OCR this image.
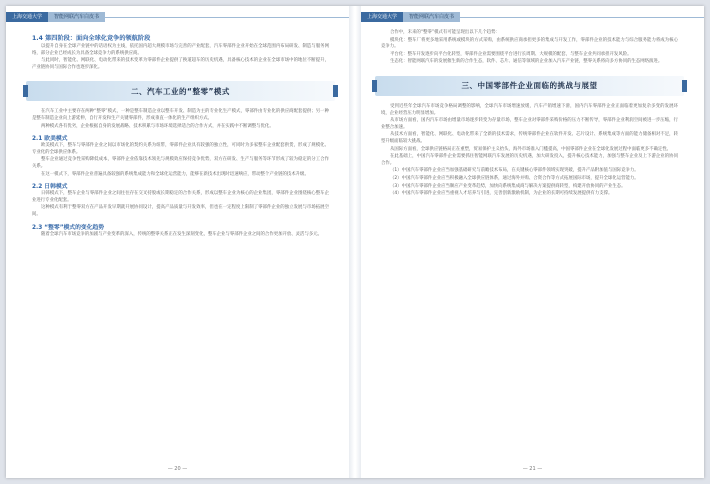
上海交通大学	智能网联汽车白皮书
1.4 第四阶段：面向全球化竞争的领航阶段

以提升自身在全球产业链中的话语权为主线，依托国内超大规模市场与完善的产业配套，汽车零部件企业开始在全球范围内布局研发、制造与服务网络，部分企业已经成长为具备全球竞争力的系统供应商。

与此同时，智能化、网联化、电动化带来的技术变革为零部件企业提供了换道超车的历史机遇，具备核心技术的企业在全球市场中的地位不断提升，产业链协同与国际合作也逐步深化。

二、汽车工业的“整零”模式

在汽车工业中主要存在两种“整零”模式，一种是整车制造企业以整车开发、制造为主的专业化生产模式，零部件由专业化的供应商配套提供；另一种是整车制造企业向上游延伸，自行开发和生产关键零部件，形成垂直一体化的生产组织方式。

两种模式各有优劣，企业根据自身的发展战略、技术积累与市场环境选择适合的合作方式，并在实践中不断调整与优化。

2.1 欧美模式

欧美模式下，整车与零部件企业之间以市场化的契约关系为纽带，零部件企业具有较强的独立性，可同时为多家整车企业配套供货，形成了规模化、专业化的全球供应体系。

整车企业通过竞争性采购降低成本，零部件企业依靠技术领先与规模效应保持竞争优势，双方在研发、生产与服务等环节形成了较为稳定的分工合作关系。

在这一模式下，零部件企业普遍具备较强的系统集成能力和全球化运营能力，能够在新技术出现时迅速响应，带动整个产业链的技术升级。

2.2 日韩模式

日韩模式下，整车企业与零部件企业之间往往存在交叉持股或长期稳定的合作关系，形成以整车企业为核心的企业集团，零部件企业围绕核心整车企业进行专业化配套。

这种模式有利于整零双方在产品开发早期就开展协同设计，提高产品质量与开发效率，但也在一定程度上限制了零部件企业的独立发展与市场拓展空间。

2.3 “整零”模式的变化趋势

随着全球汽车市场竞争的加剧与产业变革的深入，传统的整零关系正在发生深刻变化，整车企业与零部件企业之间的合作更加开放、灵活与多元。

— 20 —
上海交通大学	智能网联汽车白皮书

合作中，未来的“整零”模式有可能呈现出以下几个趋势：

模块化：整车厂将更多地采用系统或模块的方式采购，由系统供应商承担更多的集成与开发工作，零部件企业的技术能力与综合服务能力将成为核心竞争力。

平台化：整车开发逐步向平台化转型，零部件企业需要围绕平台进行长周期、大规模的配套，与整车企业共同承担开发风险。

生态化：智能网联汽车的发展催生新的合作生态，软件、芯片、通信等领域的企业加入汽车产业链，整零关系将向多方协同的生态网络演进。

三、中国零部件企业面临的挑战与展望

受到近些年全球汽车市场竞争格局调整的影响，全球汽车市场增速放缓，汽车产销增速下滑，国内汽车零部件企业正面临着更加复杂多变的发展环境，企业经营压力明显增加。

从市场方面看，国内汽车市场由增量市场逐步转变为存量市场，整车企业对零部件采购价格的压力不断传导，零部件企业利润空间被进一步压缩，行业整合加速。

从技术方面看，智能化、网联化、电动化带来了全新的技术需求，传统零部件企业在软件开发、芯片设计、系统集成等方面的能力储备相对不足，转型升级面临较大挑战。

从国际方面看，全球供应链格局正在重塑，贸易保护主义抬头，海外市场准入门槛提高，中国零部件企业在全球化发展过程中面临更多不确定性。

在此基础上，中国汽车零部件企业需要抓住智能网联汽车发展的历史机遇，加大研发投入，提升核心技术能力，加强与整车企业及上下游企业的协同合作。

（1）中国汽车零部件企业应当加强基础研究与前瞻技术布局，在关键核心零部件领域实现突破，提升产品附加值与国际竞争力。

（2）中国汽车零部件企业应当积极融入全球供应链体系，通过海外并购、合资合作等方式拓展国际市场，提升全球化运营能力。

（3）中国汽车零部件企业应当顺应产业变革趋势，加快向系统集成商与解决方案提供商转型，构建开放协同的产业生态。

（4）中国汽车零部件企业应当重视人才培养与引进，完善创新激励机制，为企业的长期可持续发展提供有力支撑。

— 21 —
